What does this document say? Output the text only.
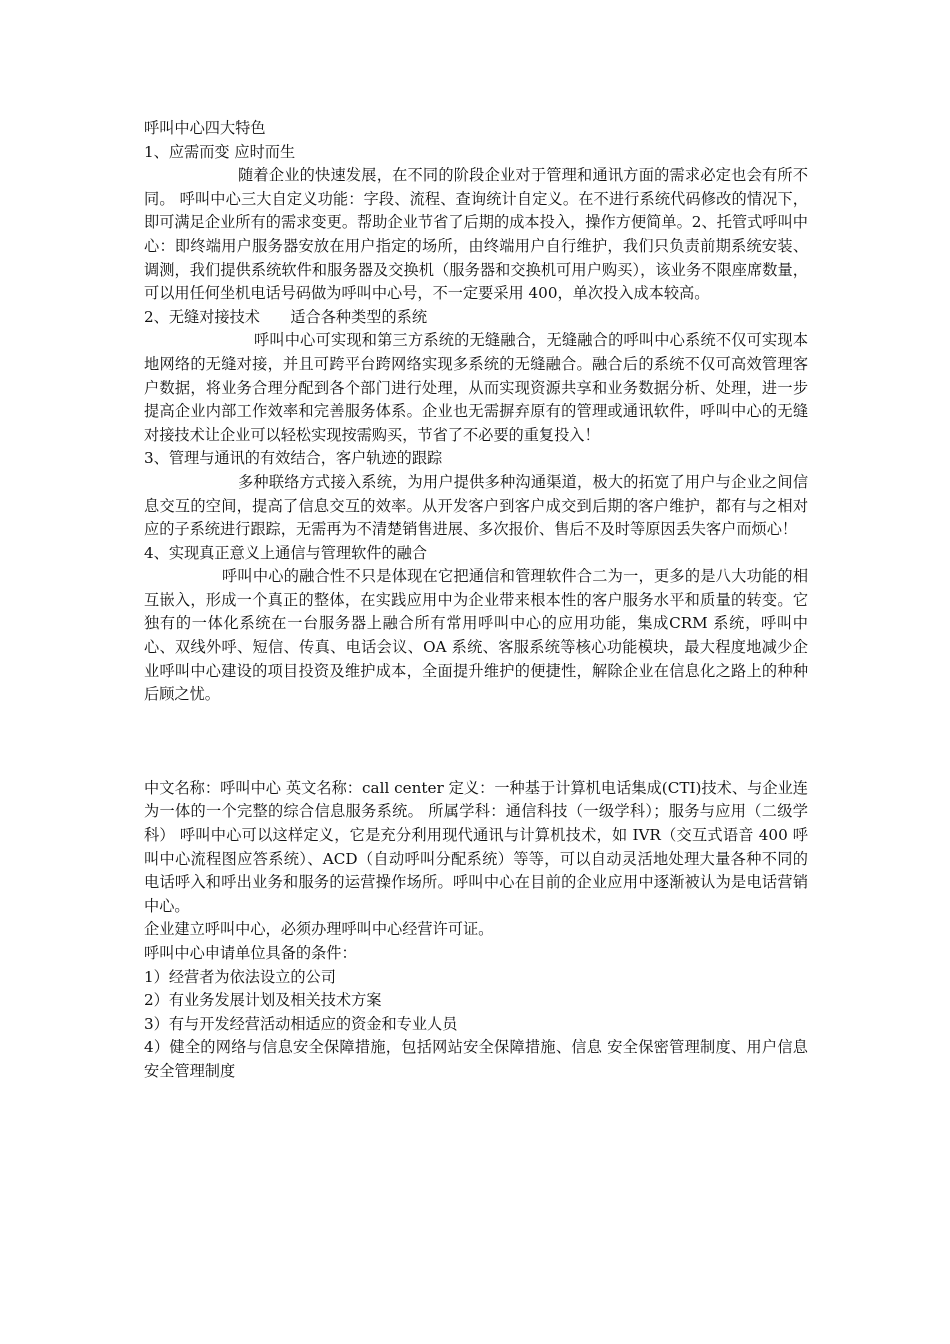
呼叫中心四大特色

1、应需而变 应时而生

随着企业的快速发展，在不同的阶段企业对于管理和通讯方面的需求必定也会有所不同。 呼叫中心三大自定义功能：字段、流程、查询统计自定义。在不进行系统代码修改的情况下，即可满足企业所有的需求变更。帮助企业节省了后期的成本投入，操作方便简单。2、托管式呼叫中心：即终端用户服务器安放在用户指定的场所，由终端用户自行维护，我们只负责前期系统安装、调测，我们提供系统软件和服务器及交换机（服务器和交换机可用户购买），该业务不限座席数量，可以用任何坐机电话号码做为呼叫中心号，不一定要采用 400，单次投入成本较高。

2、无缝对接技术　　适合各种类型的系统

呼叫中心可实现和第三方系统的无缝融合，无缝融合的呼叫中心系统不仅可实现本地网络的无缝对接，并且可跨平台跨网络实现多系统的无缝融合。融合后的系统不仅可高效管理客户数据，将业务合理分配到各个部门进行处理，从而实现资源共享和业务数据分析、处理，进一步提高企业内部工作效率和完善服务体系。企业也无需摒弃原有的管理或通讯软件，呼叫中心的无缝对接技术让企业可以轻松实现按需购买，节省了不必要的重复投入！

3、管理与通讯的有效结合，客户轨迹的跟踪

多种联络方式接入系统，为用户提供多种沟通渠道，极大的拓宽了用户与企业之间信息交互的空间，提高了信息交互的效率。从开发客户到客户成交到后期的客户维护，都有与之相对应的子系统进行跟踪，无需再为不清楚销售进展、多次报价、售后不及时等原因丢失客户而烦心！

4、实现真正意义上通信与管理软件的融合

呼叫中心的融合性不只是体现在它把通信和管理软件合二为一，更多的是八大功能的相互嵌入，形成一个真正的整体，在实践应用中为企业带来根本性的客户服务水平和质量的转变。它独有的一体化系统在一台服务器上融合所有常用呼叫中心的应用功能，集成CRM 系统，呼叫中心、双线外呼、短信、传真、电话会议、OA 系统、客服系统等核心功能模块，最大程度地减少企业呼叫中心建设的项目投资及维护成本，全面提升维护的便捷性，解除企业在信息化之路上的种种后顾之忧。

中文名称：呼叫中心 英文名称：call center 定义：一种基于计算机电话集成(CTI)技术、与企业连为一体的一个完整的综合信息服务系统。 所属学科：通信科技（一级学科）；服务与应用（二级学科） 呼叫中心可以这样定义，它是充分利用现代通讯与计算机技术，如 IVR（交互式语音 400 呼叫中心流程图应答系统）、ACD（自动呼叫分配系统）等等，可以自动灵活地处理大量各种不同的电话呼入和呼出业务和服务的运营操作场所。呼叫中心在目前的企业应用中逐渐被认为是电话营销中心。

企业建立呼叫中心，必须办理呼叫中心经营许可证。

呼叫中心申请单位具备的条件：

1）经营者为依法设立的公司

2）有业务发展计划及相关技术方案

3）有与开发经营活动相适应的资金和专业人员

4）健全的网络与信息安全保障措施，包括网站安全保障措施、信息 安全保密管理制度、用户信息安全管理制度
